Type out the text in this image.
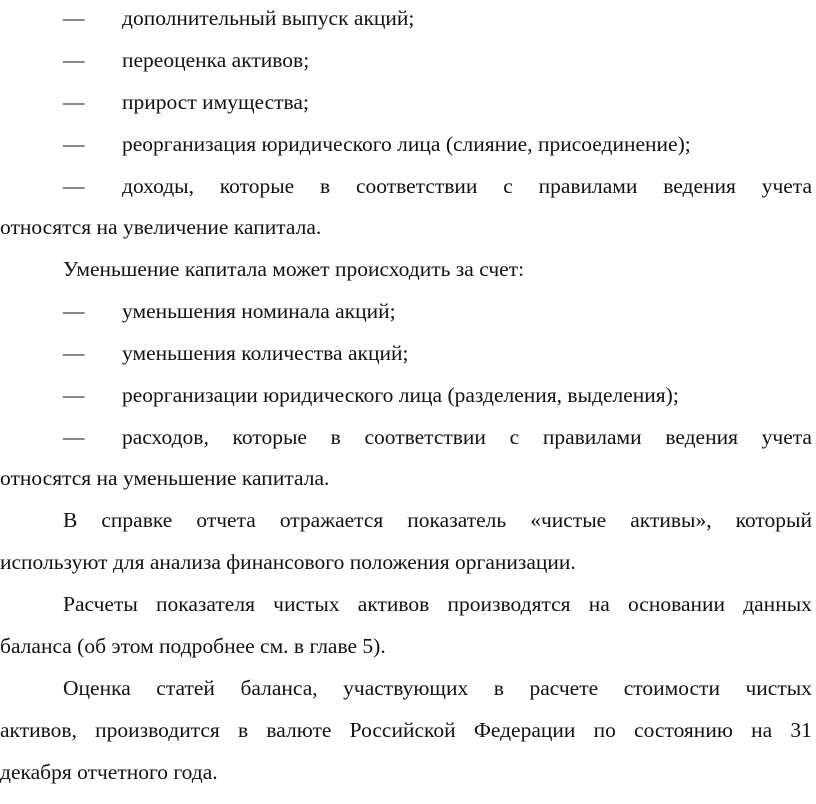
— дополнительный выпуск акций;
— переоценка активов;
— прирост имущества;
— реорганизация юридического лица (слияние, присоединение);
— доходы, которые в соответствии с правилами ведения учета
относятся на увеличение капитала.
Уменьшение капитала может происходить за счет:
— уменьшения номинала акций;
— уменьшения количества акций;
— реорганизации юридического лица (разделения, выделения);
— расходов, которые в соответствии с правилами ведения учета
относятся на уменьшение капитала.
В справке отчета отражается показатель «чистые активы», который
используют для анализа финансового положения организации.
Расчеты показателя чистых активов производятся на основании данных
баланса (об этом подробнее см. в главе 5).
Оценка статей баланса, участвующих в расчете стоимости чистых
активов, производится в валюте Российской Федерации по состоянию на 31
декабря отчетного года.
